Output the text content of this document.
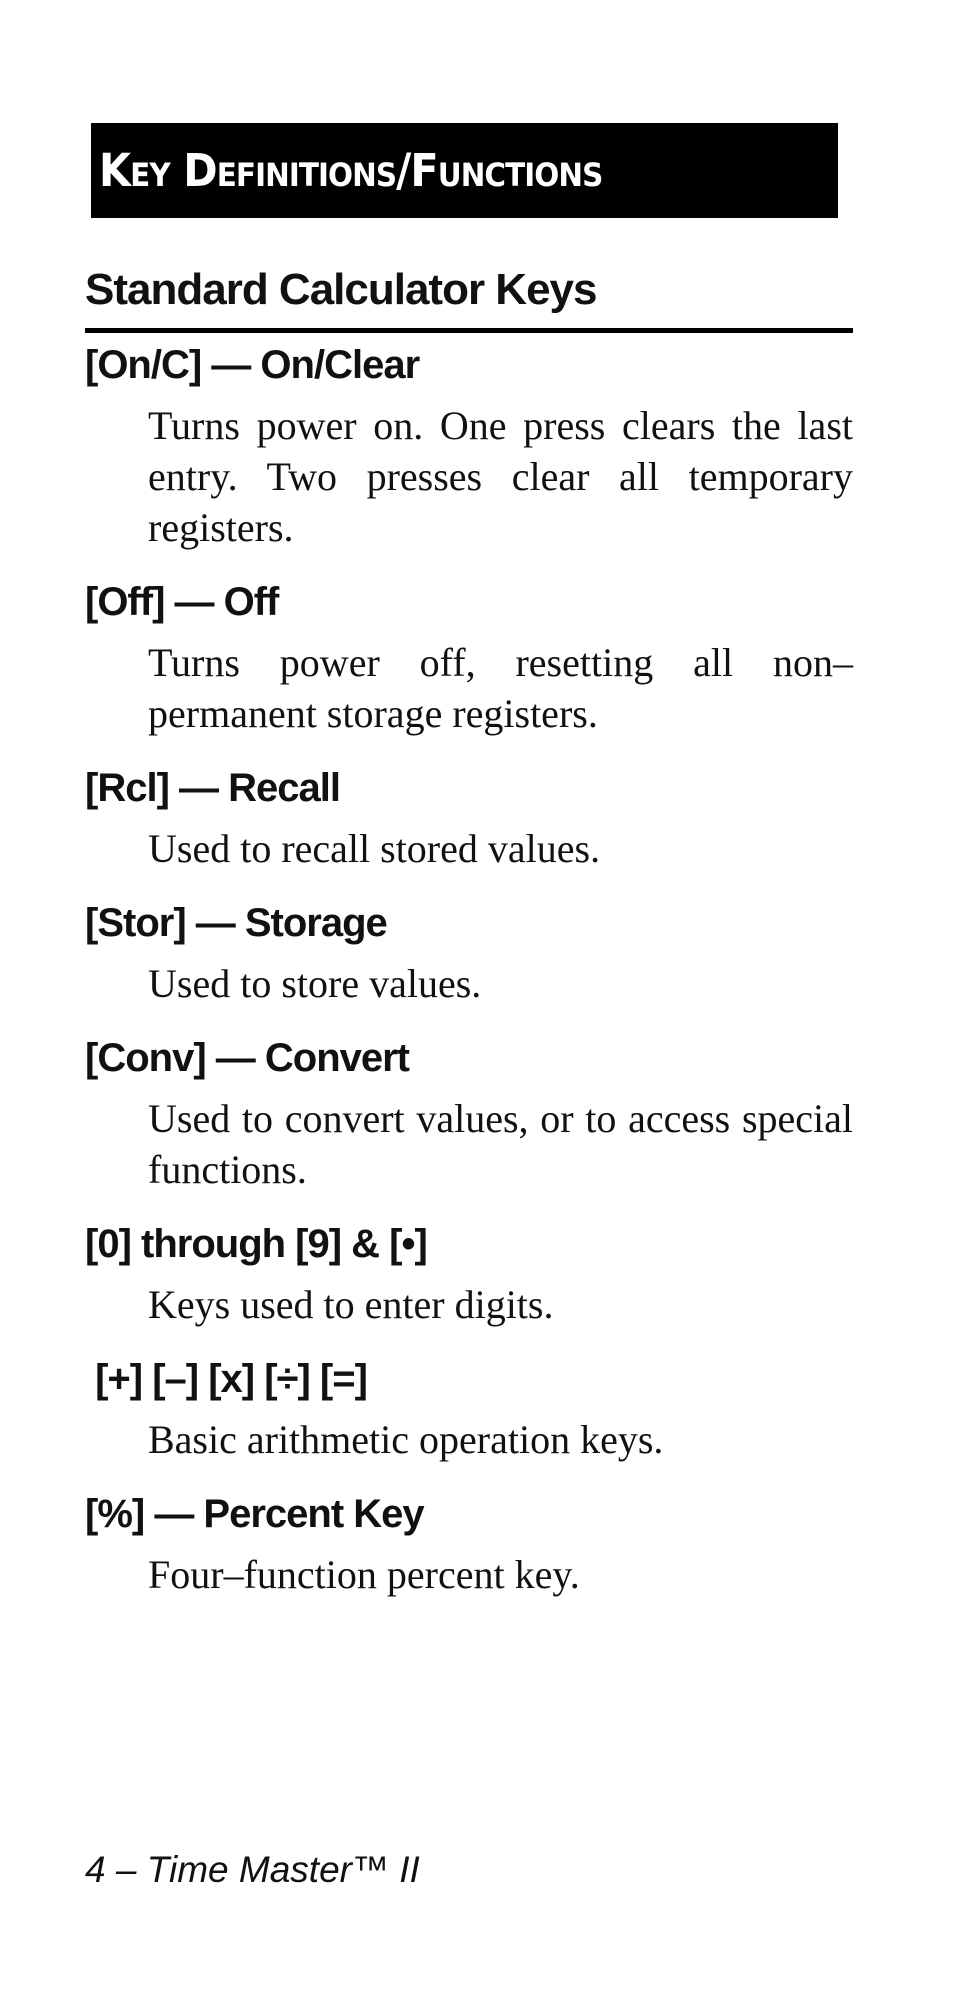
Key Definitions/Functions
Standard Calculator Keys
[On/C] — On/Clear
Turns power on. One press clears the last entry. Two presses clear all temporary registers.
[Off] — Off
Turns power off, resetting all non–permanent storage registers.
[Rcl] — Recall
Used to recall stored values.
[Stor] — Storage
Used to store values.
[Conv] — Convert
Used to convert values, or to access special functions.
[0] through [9] & [•]
Keys used to enter digits.
[+] [–] [x] [÷] [=]
Basic arithmetic operation keys.
[%] — Percent Key
Four–function percent key.
4 – Time Master™ II
